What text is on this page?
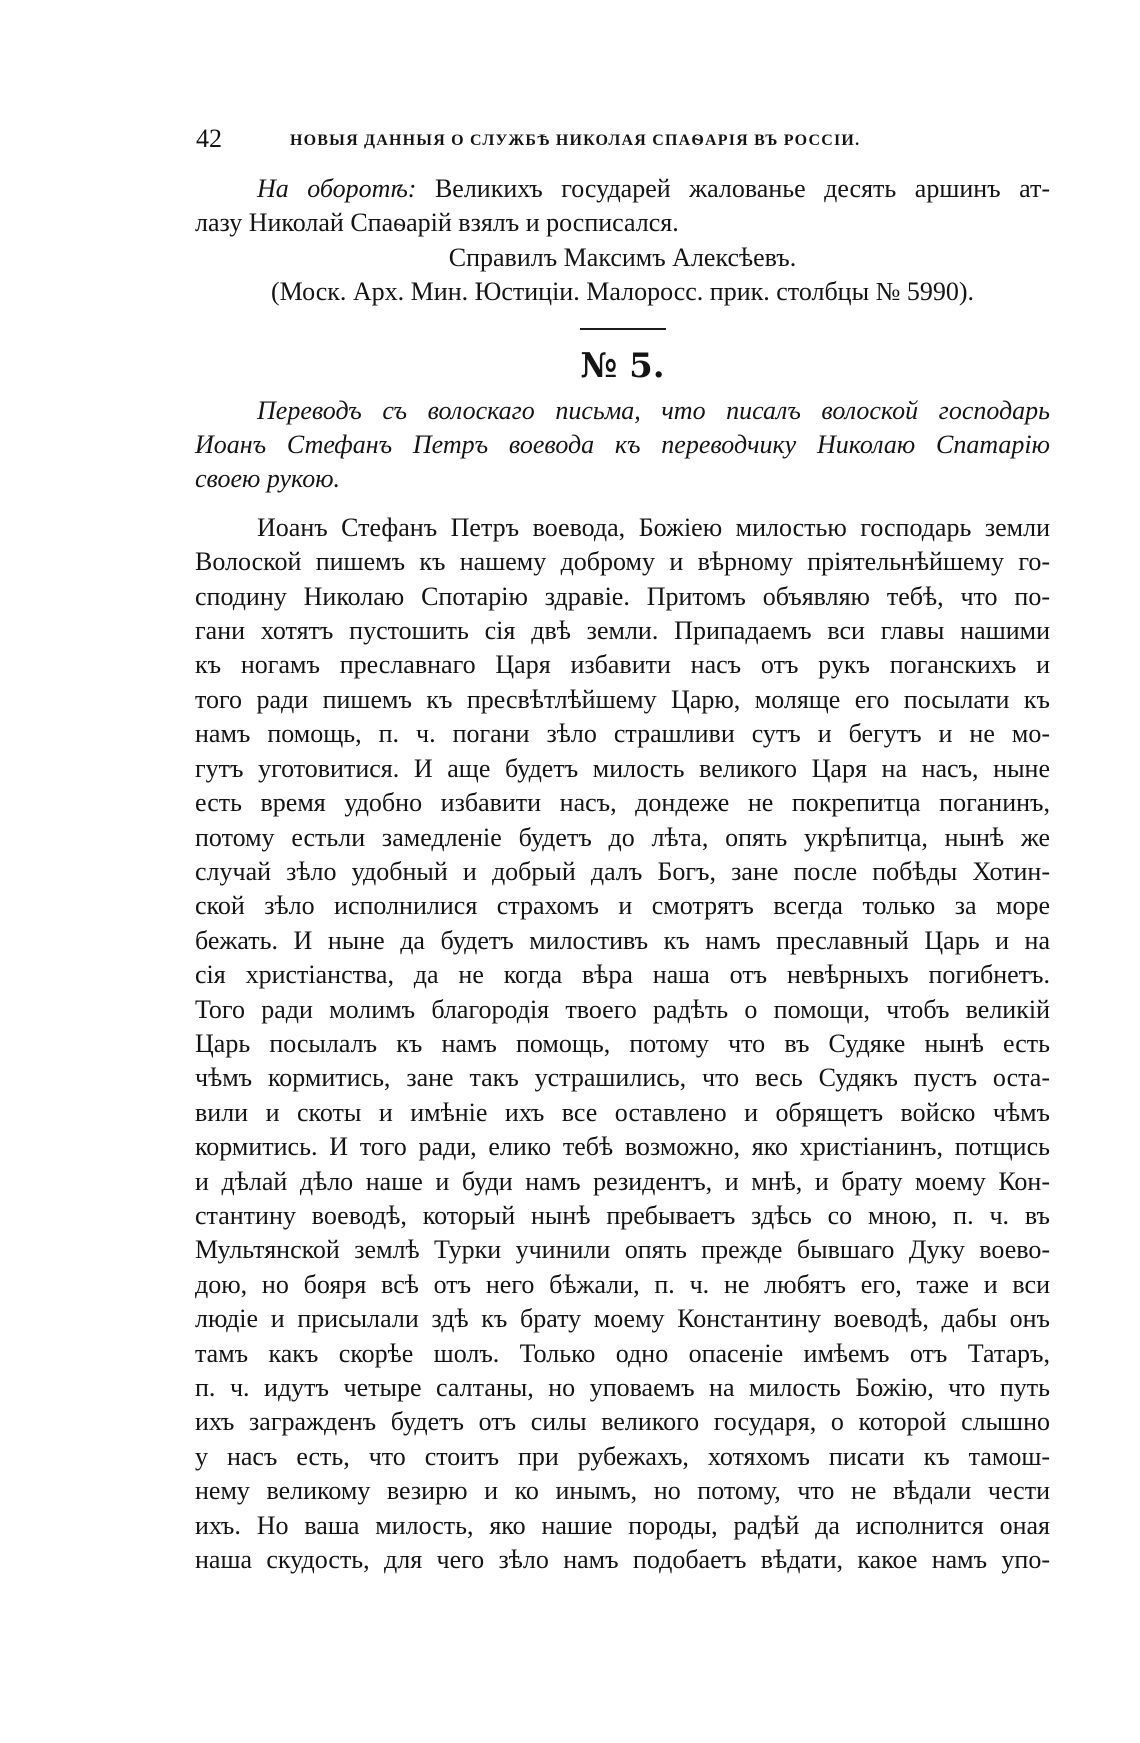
42	НОВЫЯ ДАННЫЯ О СЛУЖБѢ НИКОЛАЯ СПАѲАРІЯ ВЪ РОССІИ.
На оборотѣ: Великихъ государей жалованье десять аршинъ ат-
лазу Николай Спаѳарій взялъ и росписался.
Справилъ Максимъ Алексѣевъ.
(Моск. Арх. Мин. Юстиціи. Малоросс. прик. столбцы № 5990).
№ 5.
Переводъ съ волоскаго письма, что писалъ волоской господарь
Иоанъ Стефанъ Петръ воевода къ переводчику Николаю Спатарію
своею рукою.
Иоанъ Стефанъ Петръ воевода, Божіею милостью господарь земли
Волоской пишемъ къ нашему доброму и вѣрному пріятельнѣйшему го-
сподину Николаю Спотарію здравіе. Притомъ объявляю тебѣ, что по-
гани хотятъ пустошить сія двѣ земли. Припадаемъ вси главы нашими
къ ногамъ преславнаго Царя избавити насъ отъ рукъ поганскихъ и
того ради пишемъ къ пресвѣтлѣйшему Царю, моляще его посылати къ
намъ помощь, п. ч. погани зѣло страшливи сутъ и бегутъ и не мо-
гутъ уготовитися. И аще будетъ милость великого Царя на насъ, ныне
есть время удобно избавити насъ, дондеже не покрепитца поганинъ,
потому естьли замедленіе будетъ до лѣта, опять укрѣпитца, нынѣ же
случай зѣло удобный и добрый далъ Богъ, зане после побѣды Хотин-
ской зѣло исполнилися страхомъ и смотрятъ всегда только за море
бежать. И ныне да будетъ милостивъ къ намъ преславный Царь и на
сія христіанства, да не когда вѣра наша отъ невѣрныхъ погибнетъ.
Того ради молимъ благородія твоего радѣть о помощи, чтобъ великій
Царь посылалъ къ намъ помощь, потому что въ Судяке нынѣ есть
чѣмъ кормитись, зане такъ устрашились, что весь Судякъ пустъ оста-
вили и скоты и имѣніе ихъ все оставлено и обрящетъ войско чѣмъ
кормитись. И того ради, елико тебѣ возможно, яко христіанинъ, потщись
и дѣлай дѣло наше и буди намъ резидентъ, и мнѣ, и брату моему Кон-
стантину воеводѣ, который нынѣ пребываетъ здѣсь со мною, п. ч. въ
Мультянской землѣ Турки учинили опять прежде бывшаго Дуку воево-
дою, но бояря всѣ отъ него бѣжали, п. ч. не любятъ его, таже и вси
людіе и присылали здѣ къ брату моему Константину воеводѣ, дабы онъ
тамъ какъ скорѣе шолъ. Только одно опасеніе имѣемъ отъ Татаръ,
п. ч. идутъ четыре салтаны, но уповаемъ на милость Божію, что путь
ихъ загражденъ будетъ отъ силы великого государя, о которой слышно
у насъ есть, что стоитъ при рубежахъ, хотяхомъ писати къ тамош-
нему великому везирю и ко инымъ, но потому, что не вѣдали чести
ихъ. Но ваша милость, яко нашие породы, радѣй да исполнится оная
наша скудость, для чего зѣло намъ подобаетъ вѣдати, какое намъ упо-
